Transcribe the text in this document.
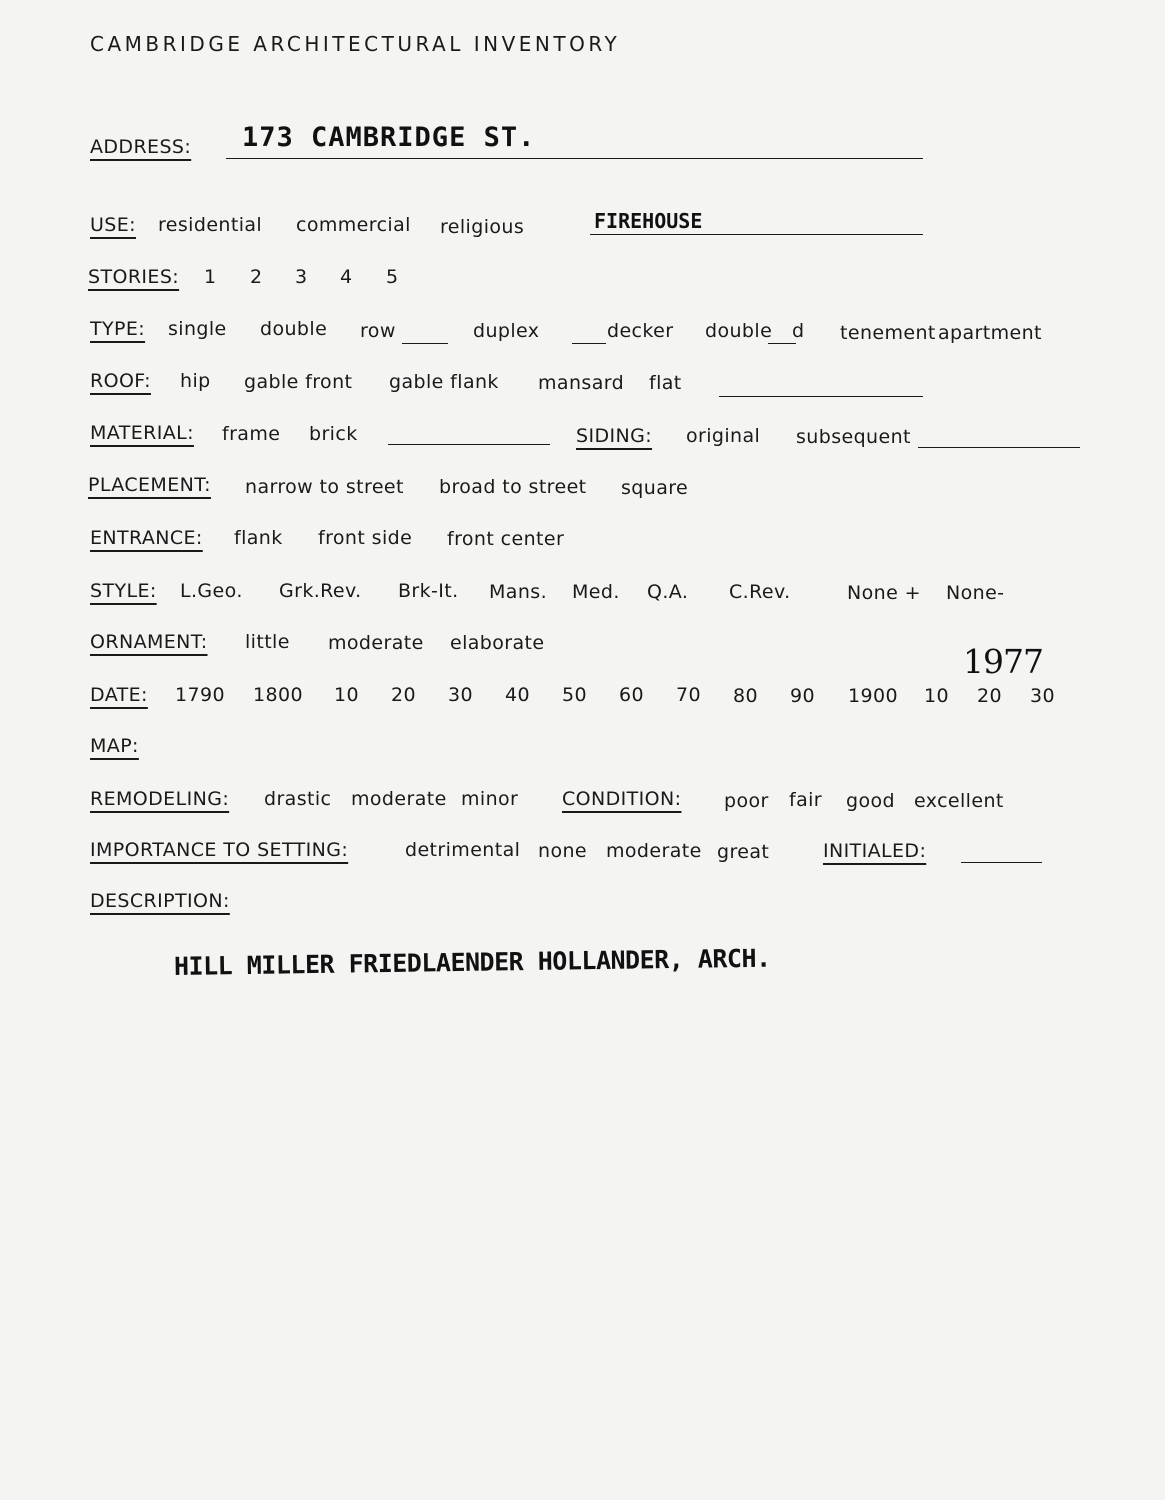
CAMBRIDGE ARCHITECTURAL INVENTORY
ADDRESS: 173 CAMBRIDGE ST.
USE: residential commercial religious	FIREHOUSE
STORIES: 1 2 3 4 5
TYPE: single double row	duplex	decker double d tenement apartment
ROOF: hip gable front gable flank mansard flat
MATERIAL: frame brick	SIDING: original subsequent
PLACEMENT: narrow to street broad to street square
ENTRANCE: flank front side front center
STYLE: L.Geo. Grk.Rev. Brk-It. Mans. Med. Q.A. C.Rev.	None + None-
ORNAMENT: little moderate elaborate	1977
DATE: 1790 1800 10 20 30 40 50 60 70 80 90 1900 10 20 30
MAP:
REMODELING: drastic moderate minor CONDITION: poor fair good excellent
IMPORTANCE TO SETTING:	detrimental none moderate great	INITIALED:
DESCRIPTION:
HILL MILLER FRIEDLAENDER HOLLANDER, ARCH.
